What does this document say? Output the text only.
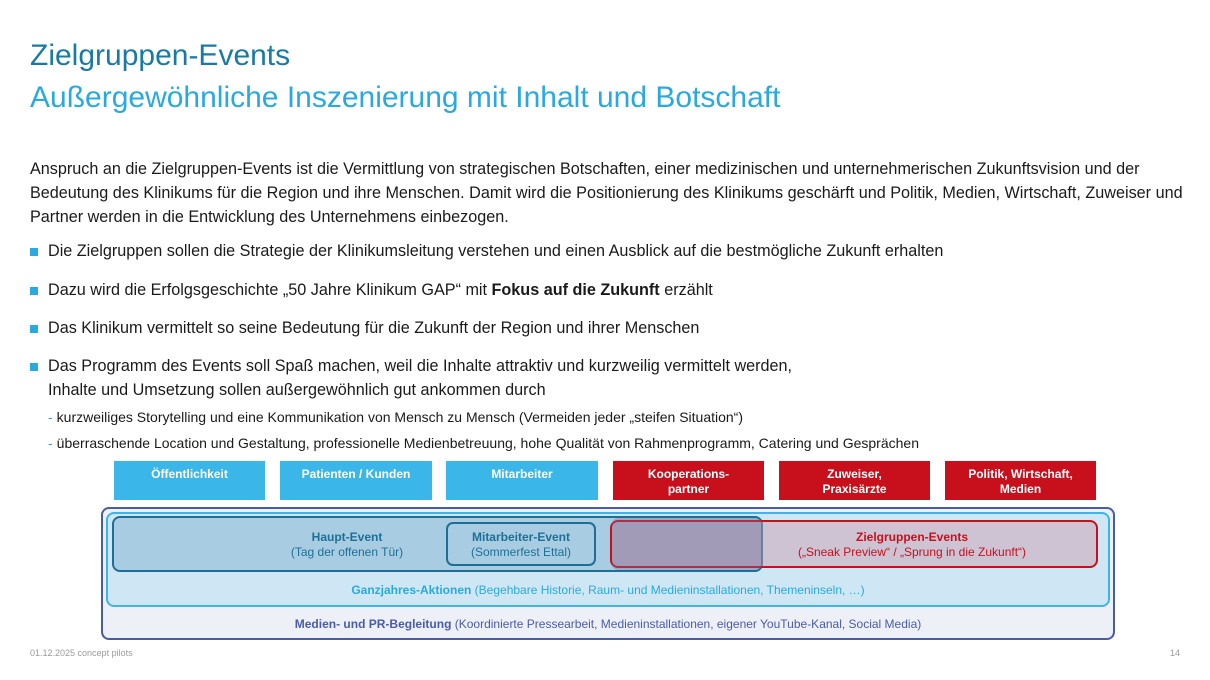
Zielgruppen-Events
Außergewöhnliche Inszenierung mit Inhalt und Botschaft
Anspruch an die Zielgruppen-Events ist die Vermittlung von strategischen Botschaften, einer medizinischen und unternehmerischen Zukunftsvision und der Bedeutung des Klinikums für die Region und ihre Menschen. Damit wird die Positionierung des Klinikums geschärft und Politik, Medien, Wirtschaft, Zuweiser und Partner werden in die Entwicklung des Unternehmens einbezogen.
Die Zielgruppen sollen die Strategie der Klinikumsleitung verstehen und einen Ausblick auf die bestmögliche Zukunft erhalten
Dazu wird die Erfolgsgeschichte „50 Jahre Klinikum GAP“ mit Fokus auf die Zukunft erzählt
Das Klinikum vermittelt so seine Bedeutung für die Zukunft der Region und ihrer Menschen
Das Programm des Events soll Spaß machen, weil die Inhalte attraktiv und kurzweilig vermittelt werden,
Inhalte und Umsetzung sollen außergewöhnlich gut ankommen durch
- kurzweiliges Storytelling und eine Kommunikation von Mensch zu Mensch (Vermeiden jeder „steifen Situation“)
- überraschende Location und Gestaltung, professionelle Medienbetreuung, hohe Qualität von Rahmenprogramm, Catering und Gesprächen
Öffentlichkeit	Patienten / Kunden	Mitarbeiter	Kooperations-
partner
Zuweiser,
Praxisärzte
Politik, Wirtschaft,
Medien
Haupt-Event
(Tag der offenen Tür)
Mitarbeiter-Event
(Sommerfest Ettal)
Zielgruppen-Events
(„Sneak Preview“ / „Sprung in die Zukunft“)
Ganzjahres-Aktionen (Begehbare Historie, Raum- und Medieninstallationen, Themeninseln, …)
Medien- und PR-Begleitung (Koordinierte Pressearbeit, Medieninstallationen, eigener YouTube-Kanal, Social Media)
01.12.2025 concept pilots	14
